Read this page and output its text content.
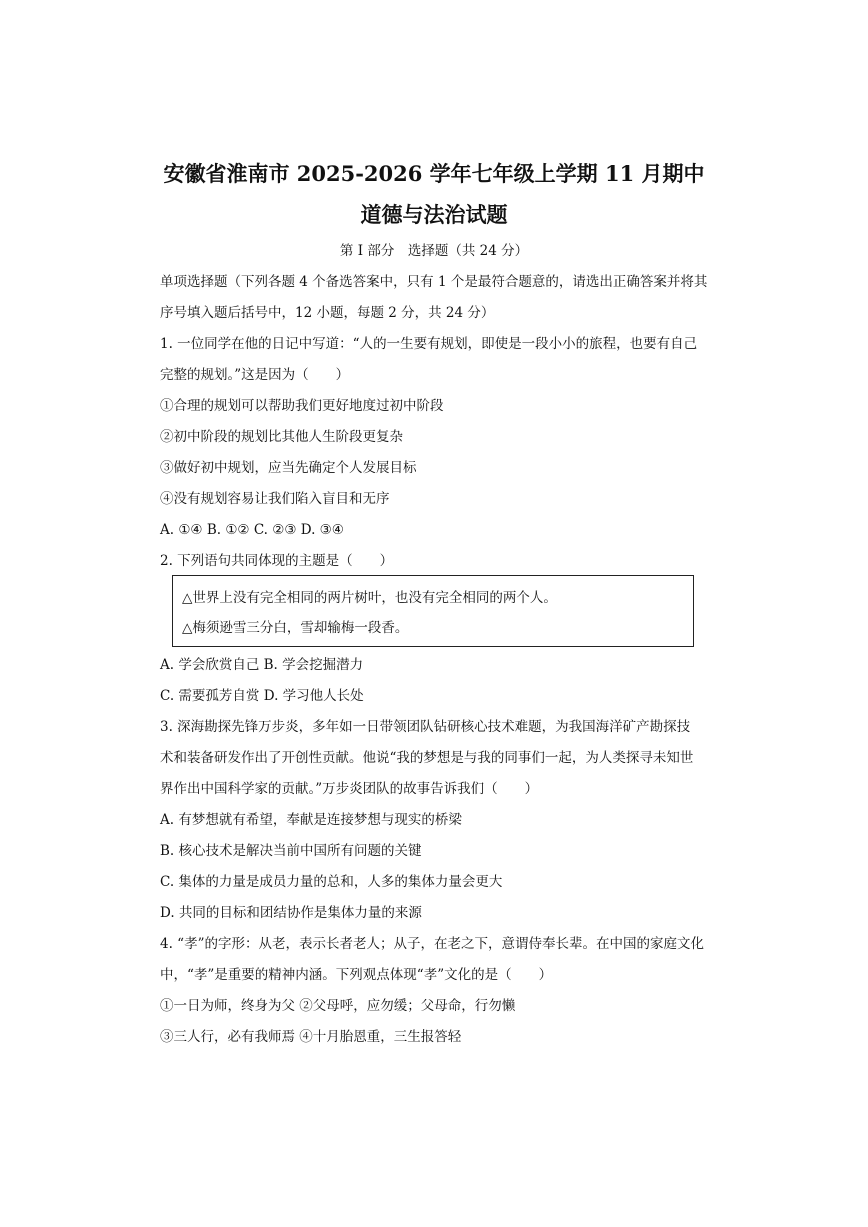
安徽省淮南市 2025-2026 学年七年级上学期 11 月期中
道德与法治试题
第 I 部分　选择题（共 24 分）
单项选择题（下列各题 4 个备选答案中，只有 1 个是最符合题意的，请选出正确答案并将其
序号填入题后括号中，12 小题，每题 2 分，共 24 分）
1. 一位同学在他的日记中写道：“人的一生要有规划，即使是一段小小的旅程，也要有自己
完整的规划。”这是因为（　　）
①合理的规划可以帮助我们更好地度过初中阶段
②初中阶段的规划比其他人生阶段更复杂
③做好初中规划，应当先确定个人发展目标
④没有规划容易让我们陷入盲目和无序
A. ①④ B. ①② C. ②③ D. ③④
2. 下列语句共同体现的主题是（　　）
△世界上没有完全相同的两片树叶，也没有完全相同的两个人。
△梅须逊雪三分白，雪却输梅一段香。
A. 学会欣赏自己 B. 学会挖掘潜力
C. 需要孤芳自赏 D. 学习他人长处
3. 深海勘探先锋万步炎，多年如一日带领团队钻研核心技术难题，为我国海洋矿产勘探技
术和装备研发作出了开创性贡献。他说“我的梦想是与我的同事们一起，为人类探寻未知世
界作出中国科学家的贡献。”万步炎团队的故事告诉我们（　　）
A. 有梦想就有希望，奉献是连接梦想与现实的桥梁
B. 核心技术是解决当前中国所有问题的关键
C. 集体的力量是成员力量的总和，人多的集体力量会更大
D. 共同的目标和团结协作是集体力量的来源
4. “孝”的字形：从老，表示长者老人；从子，在老之下，意谓侍奉长辈。在中国的家庭文化
中，“孝”是重要的精神内涵。下列观点体现“孝”文化的是（　　）
①一日为师，终身为父 ②父母呼，应勿缓；父母命，行勿懒
③三人行，必有我师焉 ④十月胎恩重，三生报答轻
